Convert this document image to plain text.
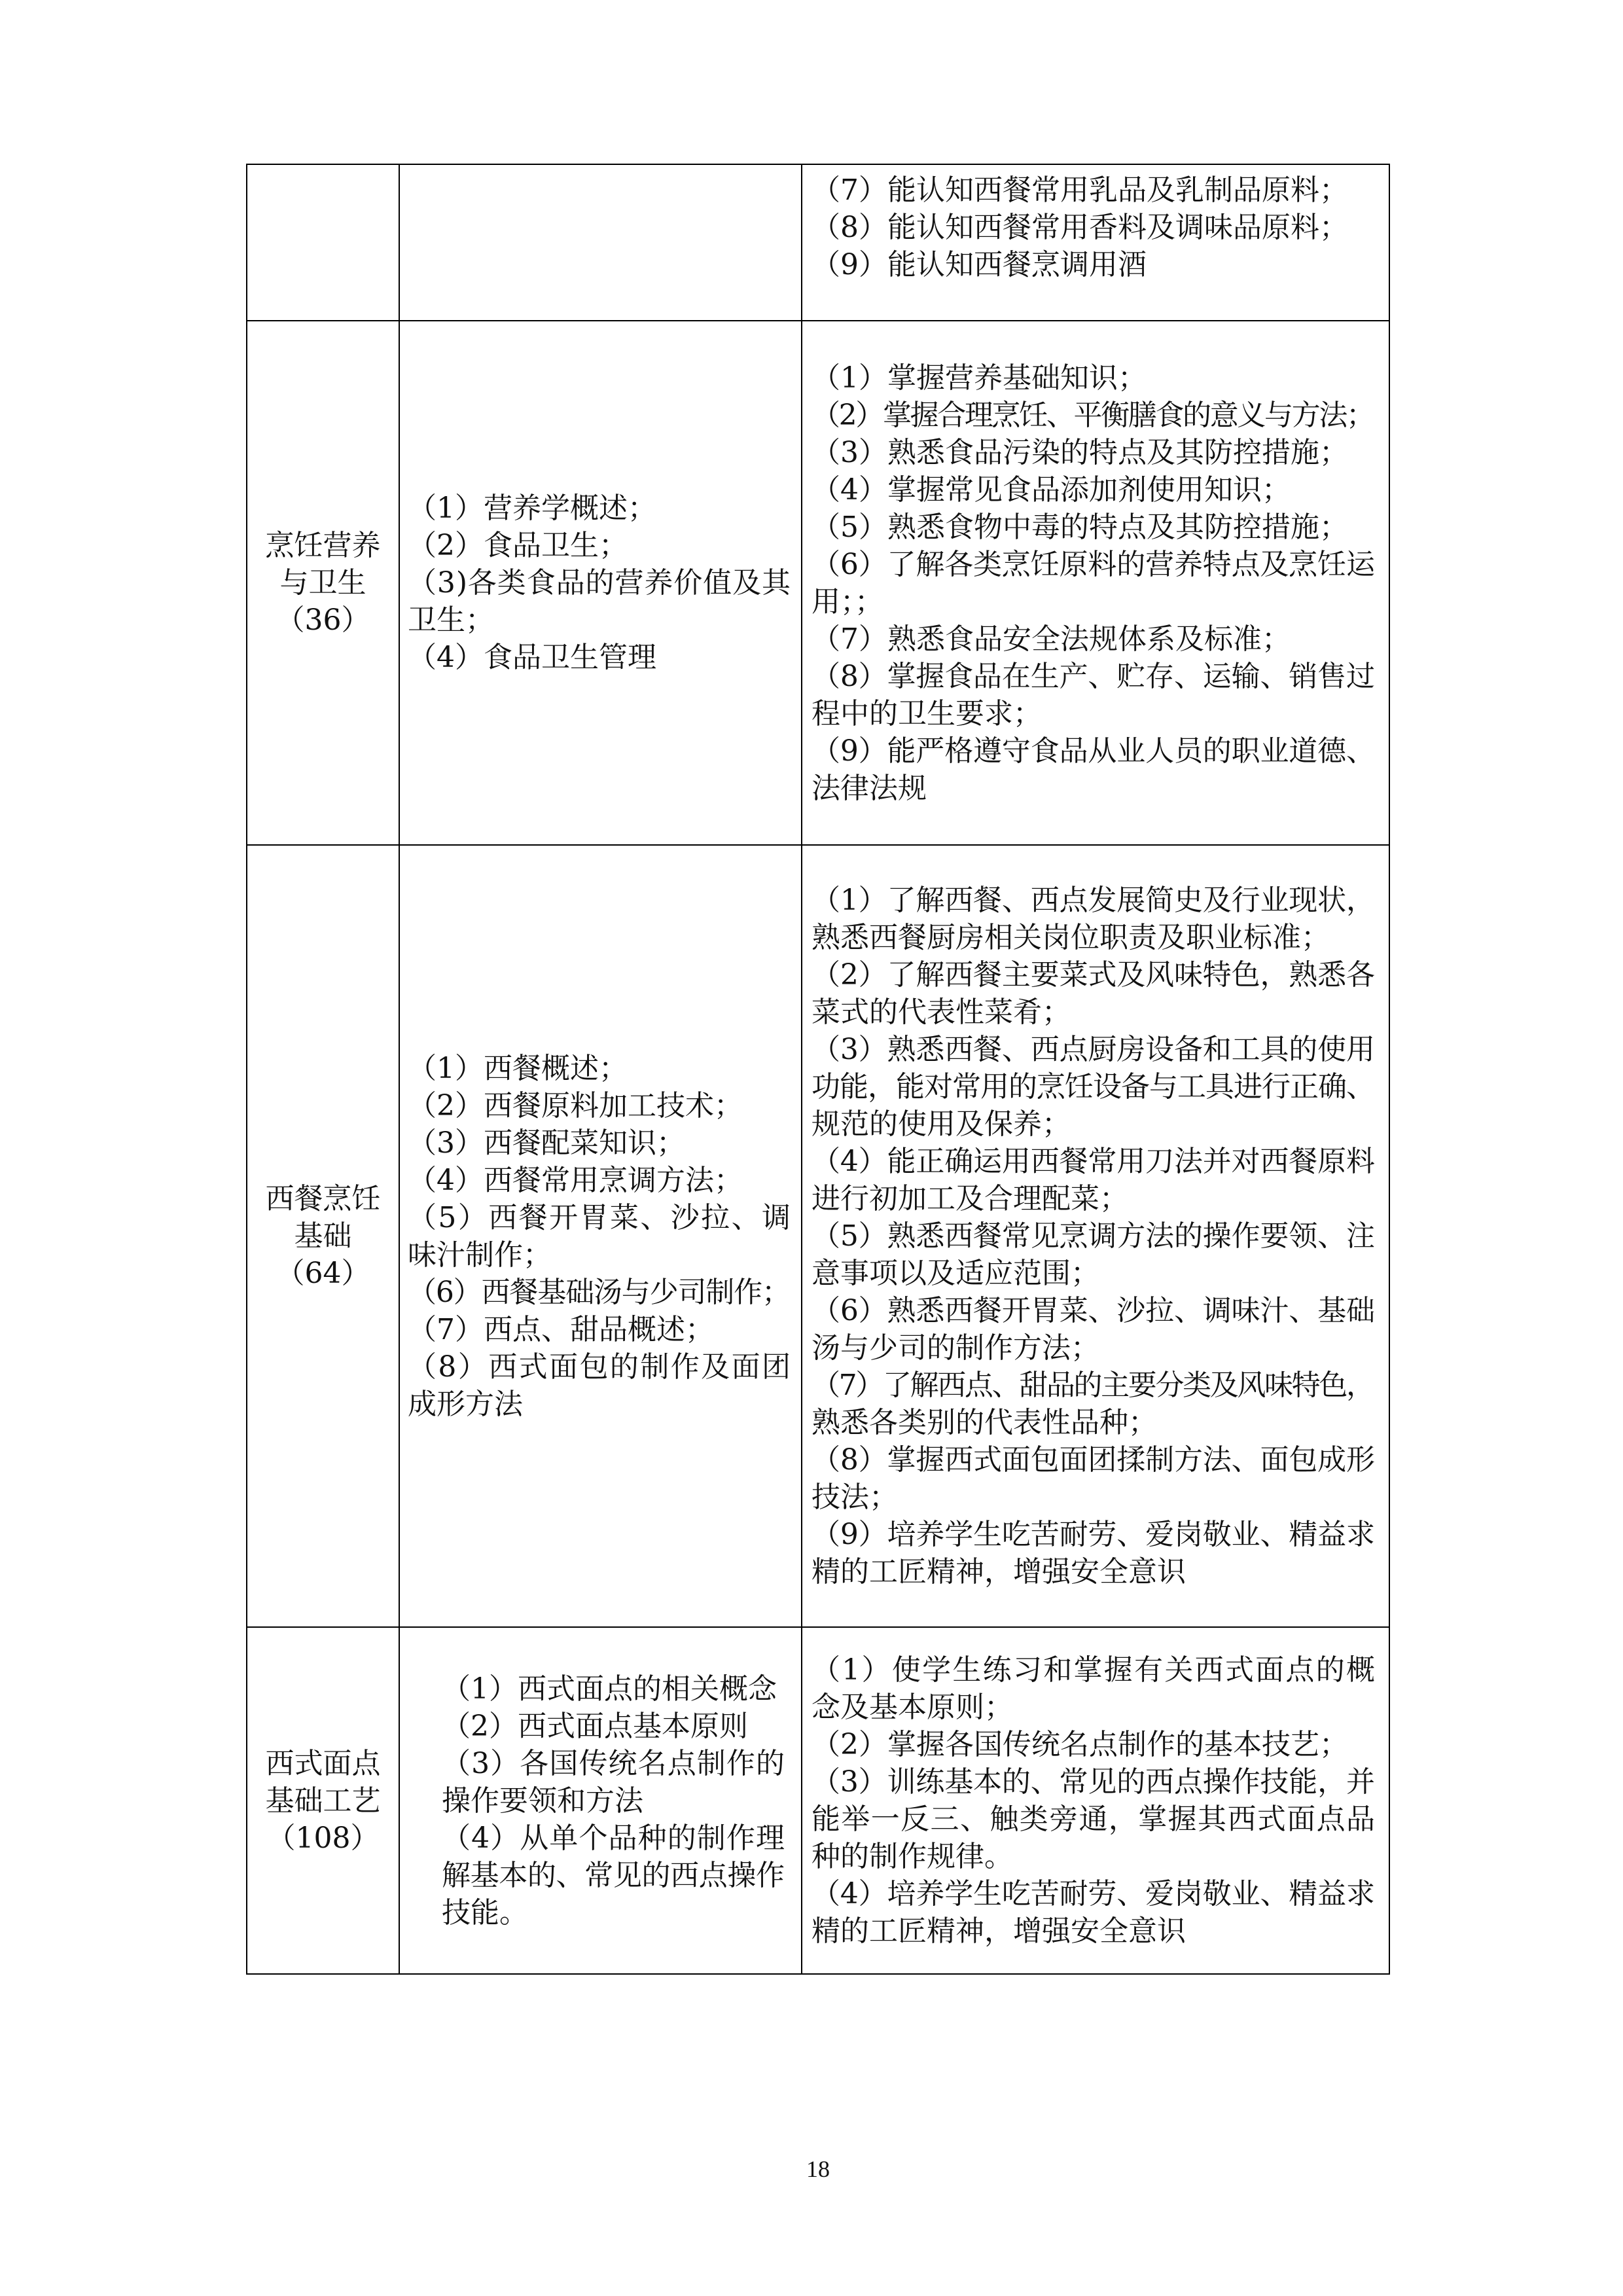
（7）能认知西餐常用乳品及乳制品原料；
（8）能认知西餐常用香料及调味品原料；
（9）能认知西餐烹调用酒
烹饪营养
与卫生
（36）
（1）营养学概述；
（2）食品卫生；
（3)各类食品的营养价值及其
卫生；
（4）食品卫生管理
（1）掌握营养基础知识；
（2）掌握合理烹饪、平衡膳食的意义与方法；
（3）熟悉食品污染的特点及其防控措施；
（4）掌握常见食品添加剂使用知识；
（5）熟悉食物中毒的特点及其防控措施；
（6）了解各类烹饪原料的营养特点及烹饪运
用；；
（7）熟悉食品安全法规体系及标准；
（8）掌握食品在生产、贮存、运输、销售过
程中的卫生要求；
（9）能严格遵守食品从业人员的职业道德、
法律法规
西餐烹饪
基础
（64）
（1）西餐概述；
（2）西餐原料加工技术；
（3）西餐配菜知识；
（4）西餐常用烹调方法；
（5）西餐开胃菜、沙拉、调
味汁制作；
（6）西餐基础汤与少司制作；
（7）西点、甜品概述；
（8）西式面包的制作及面团
成形方法
（1）了解西餐、西点发展简史及行业现状，
熟悉西餐厨房相关岗位职责及职业标准；
（2）了解西餐主要菜式及风味特色，熟悉各
菜式的代表性菜肴；
（3）熟悉西餐、西点厨房设备和工具的使用
功能，能对常用的烹饪设备与工具进行正确、
规范的使用及保养；
（4）能正确运用西餐常用刀法并对西餐原料
进行初加工及合理配菜；
（5）熟悉西餐常见烹调方法的操作要领、注
意事项以及适应范围；
（6）熟悉西餐开胃菜、沙拉、调味汁、基础
汤与少司的制作方法；
（7）了解西点、甜品的主要分类及风味特色，
熟悉各类别的代表性品种；
（8）掌握西式面包面团揉制方法、面包成形
技法；
（9）培养学生吃苦耐劳、爱岗敬业、精益求
精的工匠精神，增强安全意识
西式面点
基础工艺
（108）
（1）西式面点的相关概念
（2）西式面点基本原则
（3）各国传统名点制作的
操作要领和方法
（4）从单个品种的制作理
解基本的、常见的西点操作
技能。
（1）使学生练习和掌握有关西式面点的概
念及基本原则；
（2）掌握各国传统名点制作的基本技艺；
（3）训练基本的、常见的西点操作技能，并
能举一反三、触类旁通，掌握其西式面点品
种的制作规律。
（4）培养学生吃苦耐劳、爱岗敬业、精益求
精的工匠精神，增强安全意识
18
